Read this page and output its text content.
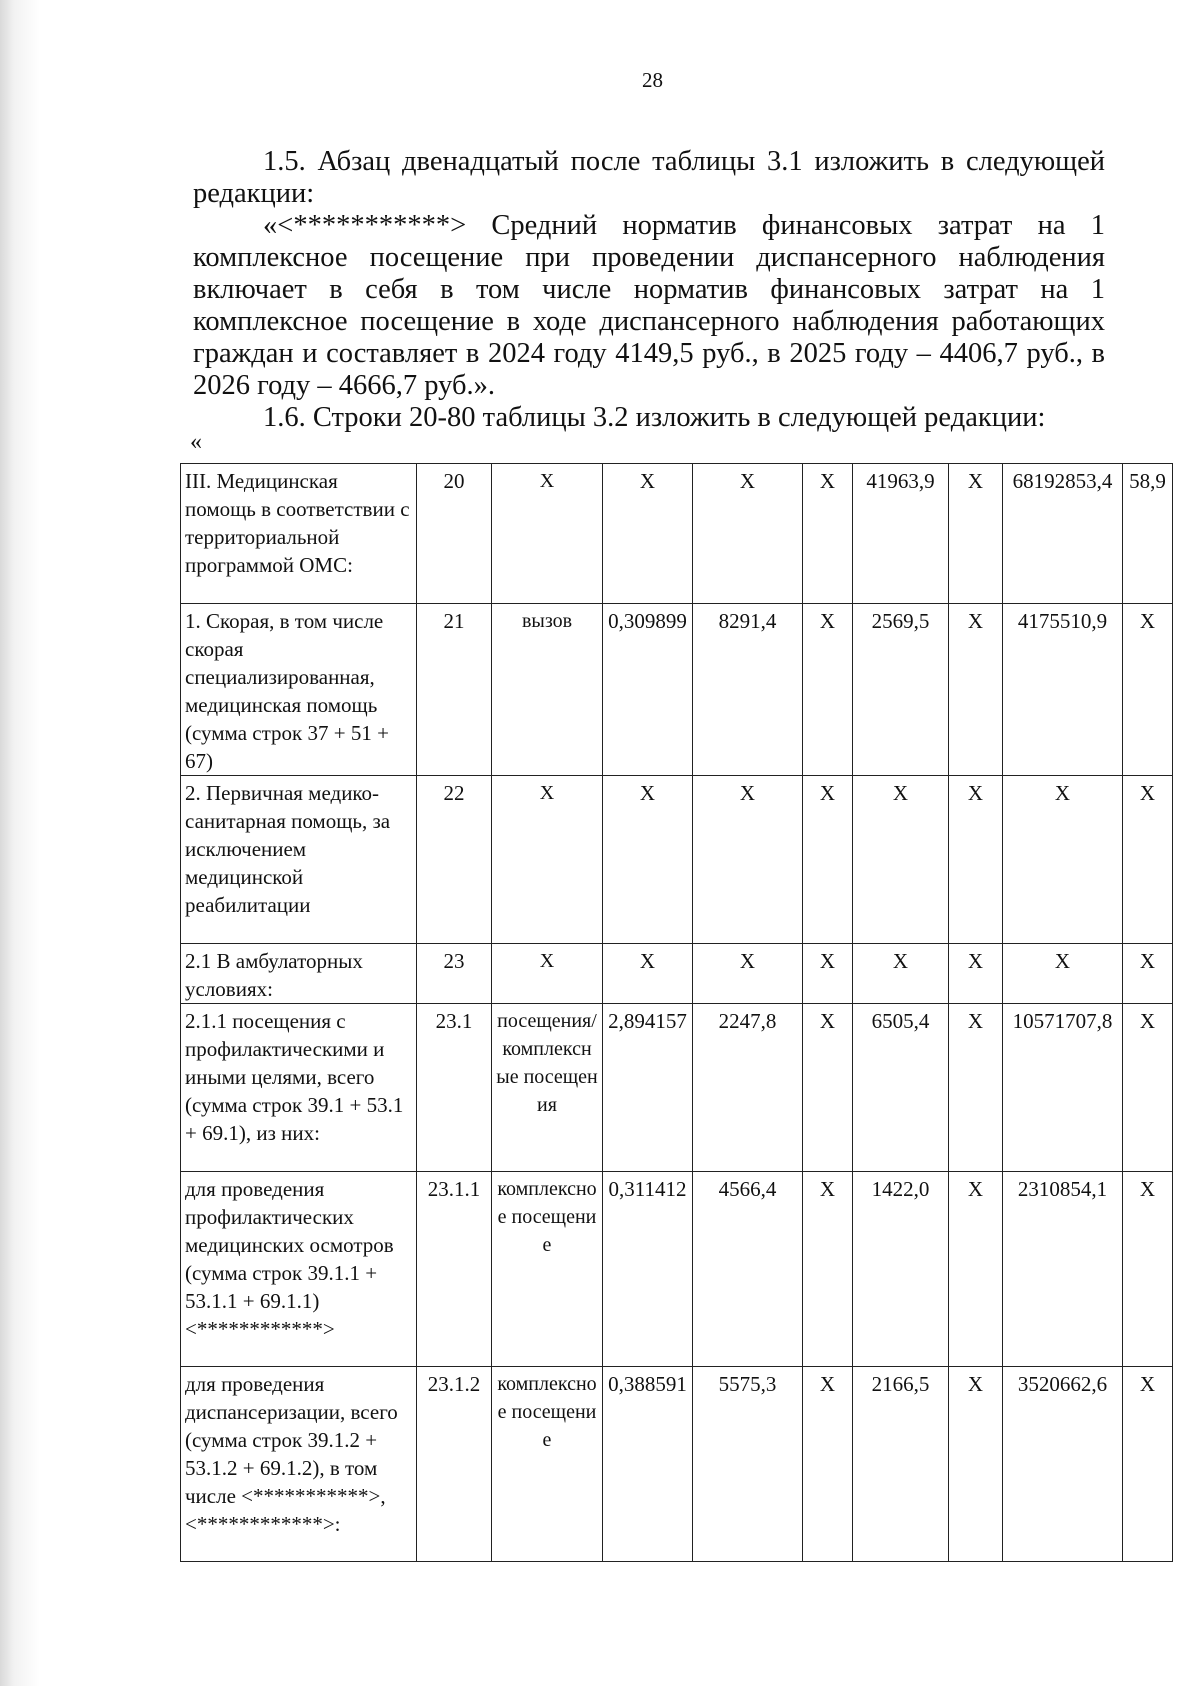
28

1.5. Абзац двенадцатый после таблицы 3.1 изложить в следующей редакции:

«<***********> Средний норматив финансовых затрат на 1 комплексное посещение при проведении диспансерного наблюдения включает в себя в том числе норматив финансовых затрат на 1 комплексное посещение в ходе диспансерного наблюдения работающих граждан и составляет в 2024 году 4149,5 руб., в 2025 году – 4406,7 руб., в 2026 году – 4666,7 руб.».

1.6. Строки 20-80 таблицы 3.2 изложить в следующей редакции:

«
III. Медицинская помощь в соответствии с территориальной программой ОМС:	20	Х	Х	Х	Х	41963,9	Х	68192853,4	58,9
1. Скорая, в том числе скорая специализированная, медицинская помощь (сумма строк 37 + 51 + 67)	21	вызов	0,309899	8291,4	Х	2569,5	Х	4175510,9	Х
2. Первичная медико-санитарная помощь, за исключением медицинской реабилитации	22	Х	Х	Х	Х	Х	Х	Х	Х
2.1 В амбулаторных условиях:	23	Х	Х	Х	Х	Х	Х	Х	Х
2.1.1 посещения с профилактическими и иными целями, всего (сумма строк 39.1 + 53.1 + 69.1), из них:	23.1	посещения/комплексные посещения	2,894157	2247,8	Х	6505,4	Х	10571707,8	Х
для проведения профилактических медицинских осмотров (сумма строк 39.1.1 + 53.1.1 + 69.1.1) <************>	23.1.1	комплексное посещение	0,311412	4566,4	Х	1422,0	Х	2310854,1	Х
для проведения диспансеризации, всего (сумма строк 39.1.2 + 53.1.2 + 69.1.2), в том числе <***********>, <************>:	23.1.2	комплексное посещение	0,388591	5575,3	Х	2166,5	Х	3520662,6	Х
